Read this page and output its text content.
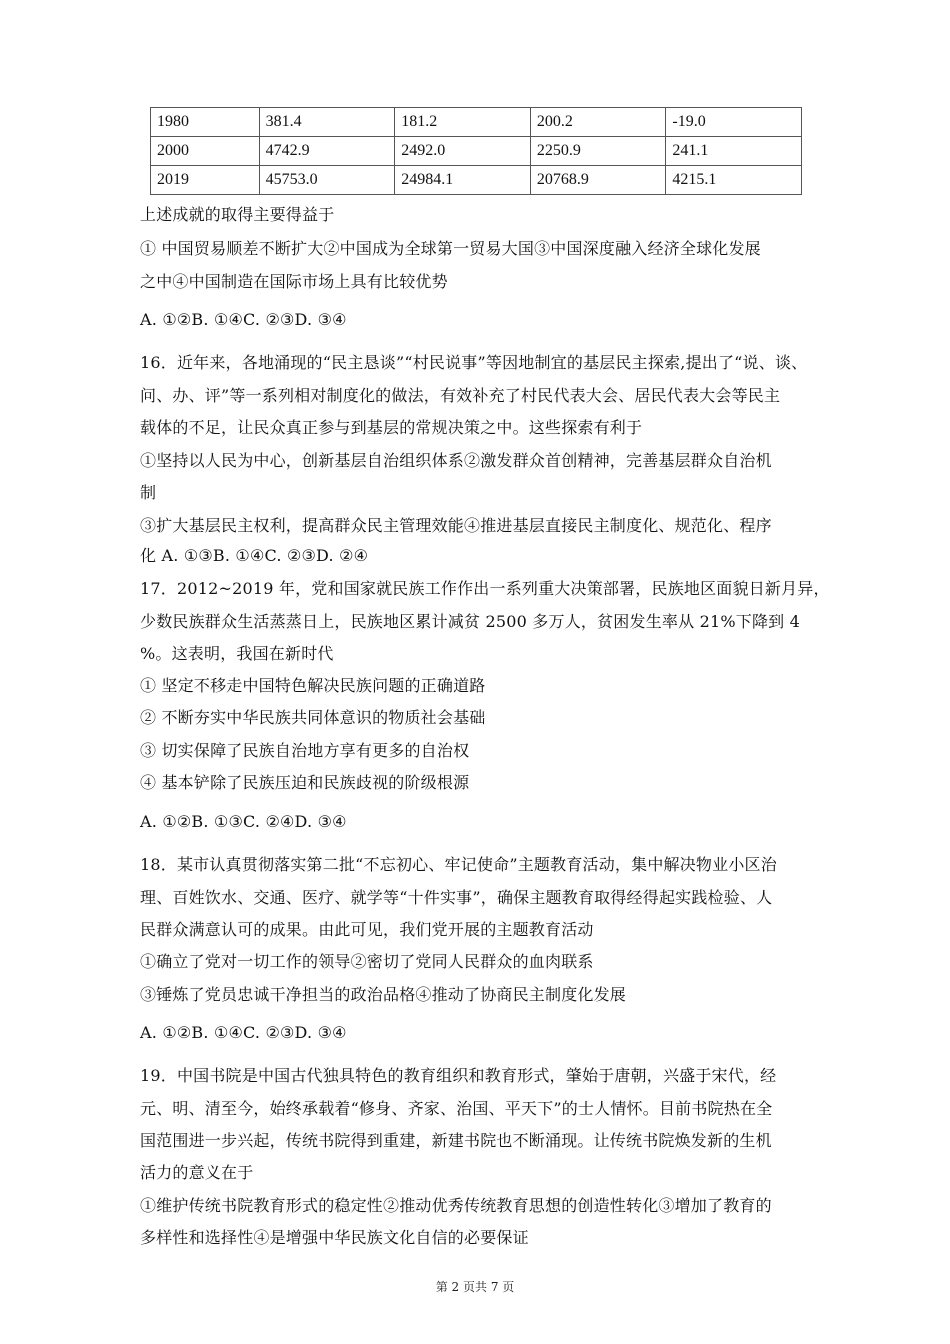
1980	381.4	181.2	200.2	-19.0
2000	4742.9	2492.0	2250.9	241.1
2019	45753.0	24984.1	20768.9	4215.1
上述成就的取得主要得益于
① 中国贸易顺差不断扩大②中国成为全球第一贸易大国③中国深度融入经济全球化发展
之中④中国制造在国际市场上具有比较优势
A. ①②B. ①④C. ②③D. ③④
16．近年来，各地涌现的“民主恳谈”“村民说事”等因地制宜的基层民主探索,提出了“说、谈、
问、办、评”等一系列相对制度化的做法，有效补充了村民代表大会、居民代表大会等民主
载体的不足，让民众真正参与到基层的常规决策之中。这些探索有利于
①坚持以人民为中心，创新基层自治组织体系②激发群众首创精神，完善基层群众自治机
制
③扩大基层民主权利，提高群众民主管理效能④推进基层直接民主制度化、规范化、程序
化 A. ①③B. ①④C. ②③D. ②④
17．2012~2019 年，党和国家就民族工作作出一系列重大决策部署，民族地区面貌日新月异，
少数民族群众生活蒸蒸日上，民族地区累计减贫 2500 多万人，贫困发生率从 21%下降到 4
%。这表明，我国在新时代
① 坚定不移走中国特色解决民族问题的正确道路
② 不断夯实中华民族共同体意识的物质社会基础
③ 切实保障了民族自治地方享有更多的自治权
④ 基本铲除了民族压迫和民族歧视的阶级根源
A. ①②B. ①③C. ②④D. ③④
18．某市认真贯彻落实第二批“不忘初心、牢记使命”主题教育活动，集中解决物业小区治
理、百姓饮水、交通、医疗、就学等“十件实事”，确保主题教育取得经得起实践检验、人
民群众满意认可的成果。由此可见，我们党开展的主题教育活动
①确立了党对一切工作的领导②密切了党同人民群众的血肉联系
③锤炼了党员忠诚干净担当的政治品格④推动了协商民主制度化发展
A. ①②B. ①④C. ②③D. ③④
19．中国书院是中国古代独具特色的教育组织和教育形式，肇始于唐朝，兴盛于宋代，经
元、明、清至今，始终承载着“修身、齐家、治国、平天下”的士人情怀。目前书院热在全
国范围进一步兴起，传统书院得到重建，新建书院也不断涌现。让传统书院焕发新的生机
活力的意义在于
①维护传统书院教育形式的稳定性②推动优秀传统教育思想的创造性转化③增加了教育的
多样性和选择性④是增强中华民族文化自信的必要保证
第 2 页共 7 页
